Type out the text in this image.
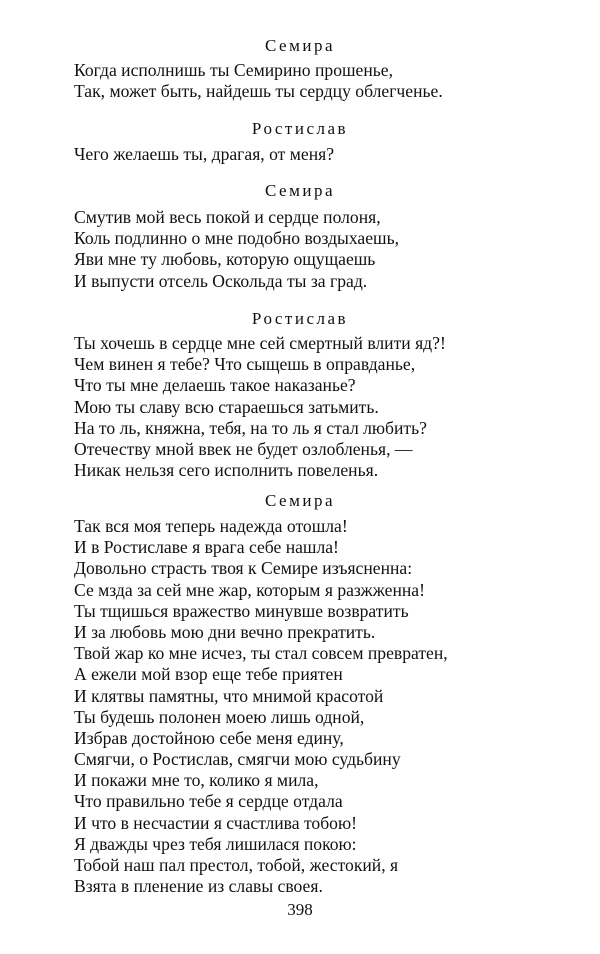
Семира
Когда исполнишь ты Семирино прошенье,
Так, может быть, найдешь ты сердцу облегченье.
Ростислав
Чего желаешь ты, драгая, от меня?
Семира
Смутив мой весь покой и сердце полоня,
Коль подлинно о мне подобно воздыхаешь,
Яви мне ту любовь, которую ощущаешь
И выпусти отсель Оскольда ты за град.
Ростислав
Ты хочешь в сердце мне сей смертный влити яд?!
Чем винен я тебе? Что сыщешь в оправданье,
Что ты мне делаешь такое наказанье?
Мою ты славу всю стараешься затьмить.
На то ль, княжна, тебя, на то ль я стал любить?
Отечеству мной ввек не будет озлобленья, —
Никак нельзя сего исполнить повеленья.
Семира
Так вся моя теперь надежда отошла!
И в Ростиславе я врага себе нашла!
Довольно страсть твоя к Семире изъясненна:
Се мзда за сей мне жар, которым я разжженна!
Ты тщишься вражество минувше возвратить
И за любовь мою дни вечно прекратить.
Твой жар ко мне исчез, ты стал совсем превратен,
А ежели мой взор еще тебе приятен
И клятвы памятны, что мнимой красотой
Ты будешь полонен моею лишь одной,
Избрав достойною себе меня едину,
Смягчи, о Ростислав, смягчи мою судьбину
И покажи мне то, колико я мила,
Что правильно тебе я сердце отдала
И что в несчастии я счастлива тобою!
Я дважды чрез тебя лишилася покою:
Тобой наш пал престол, тобой, жестокий, я
Взята в пленение из славы своея.
398
